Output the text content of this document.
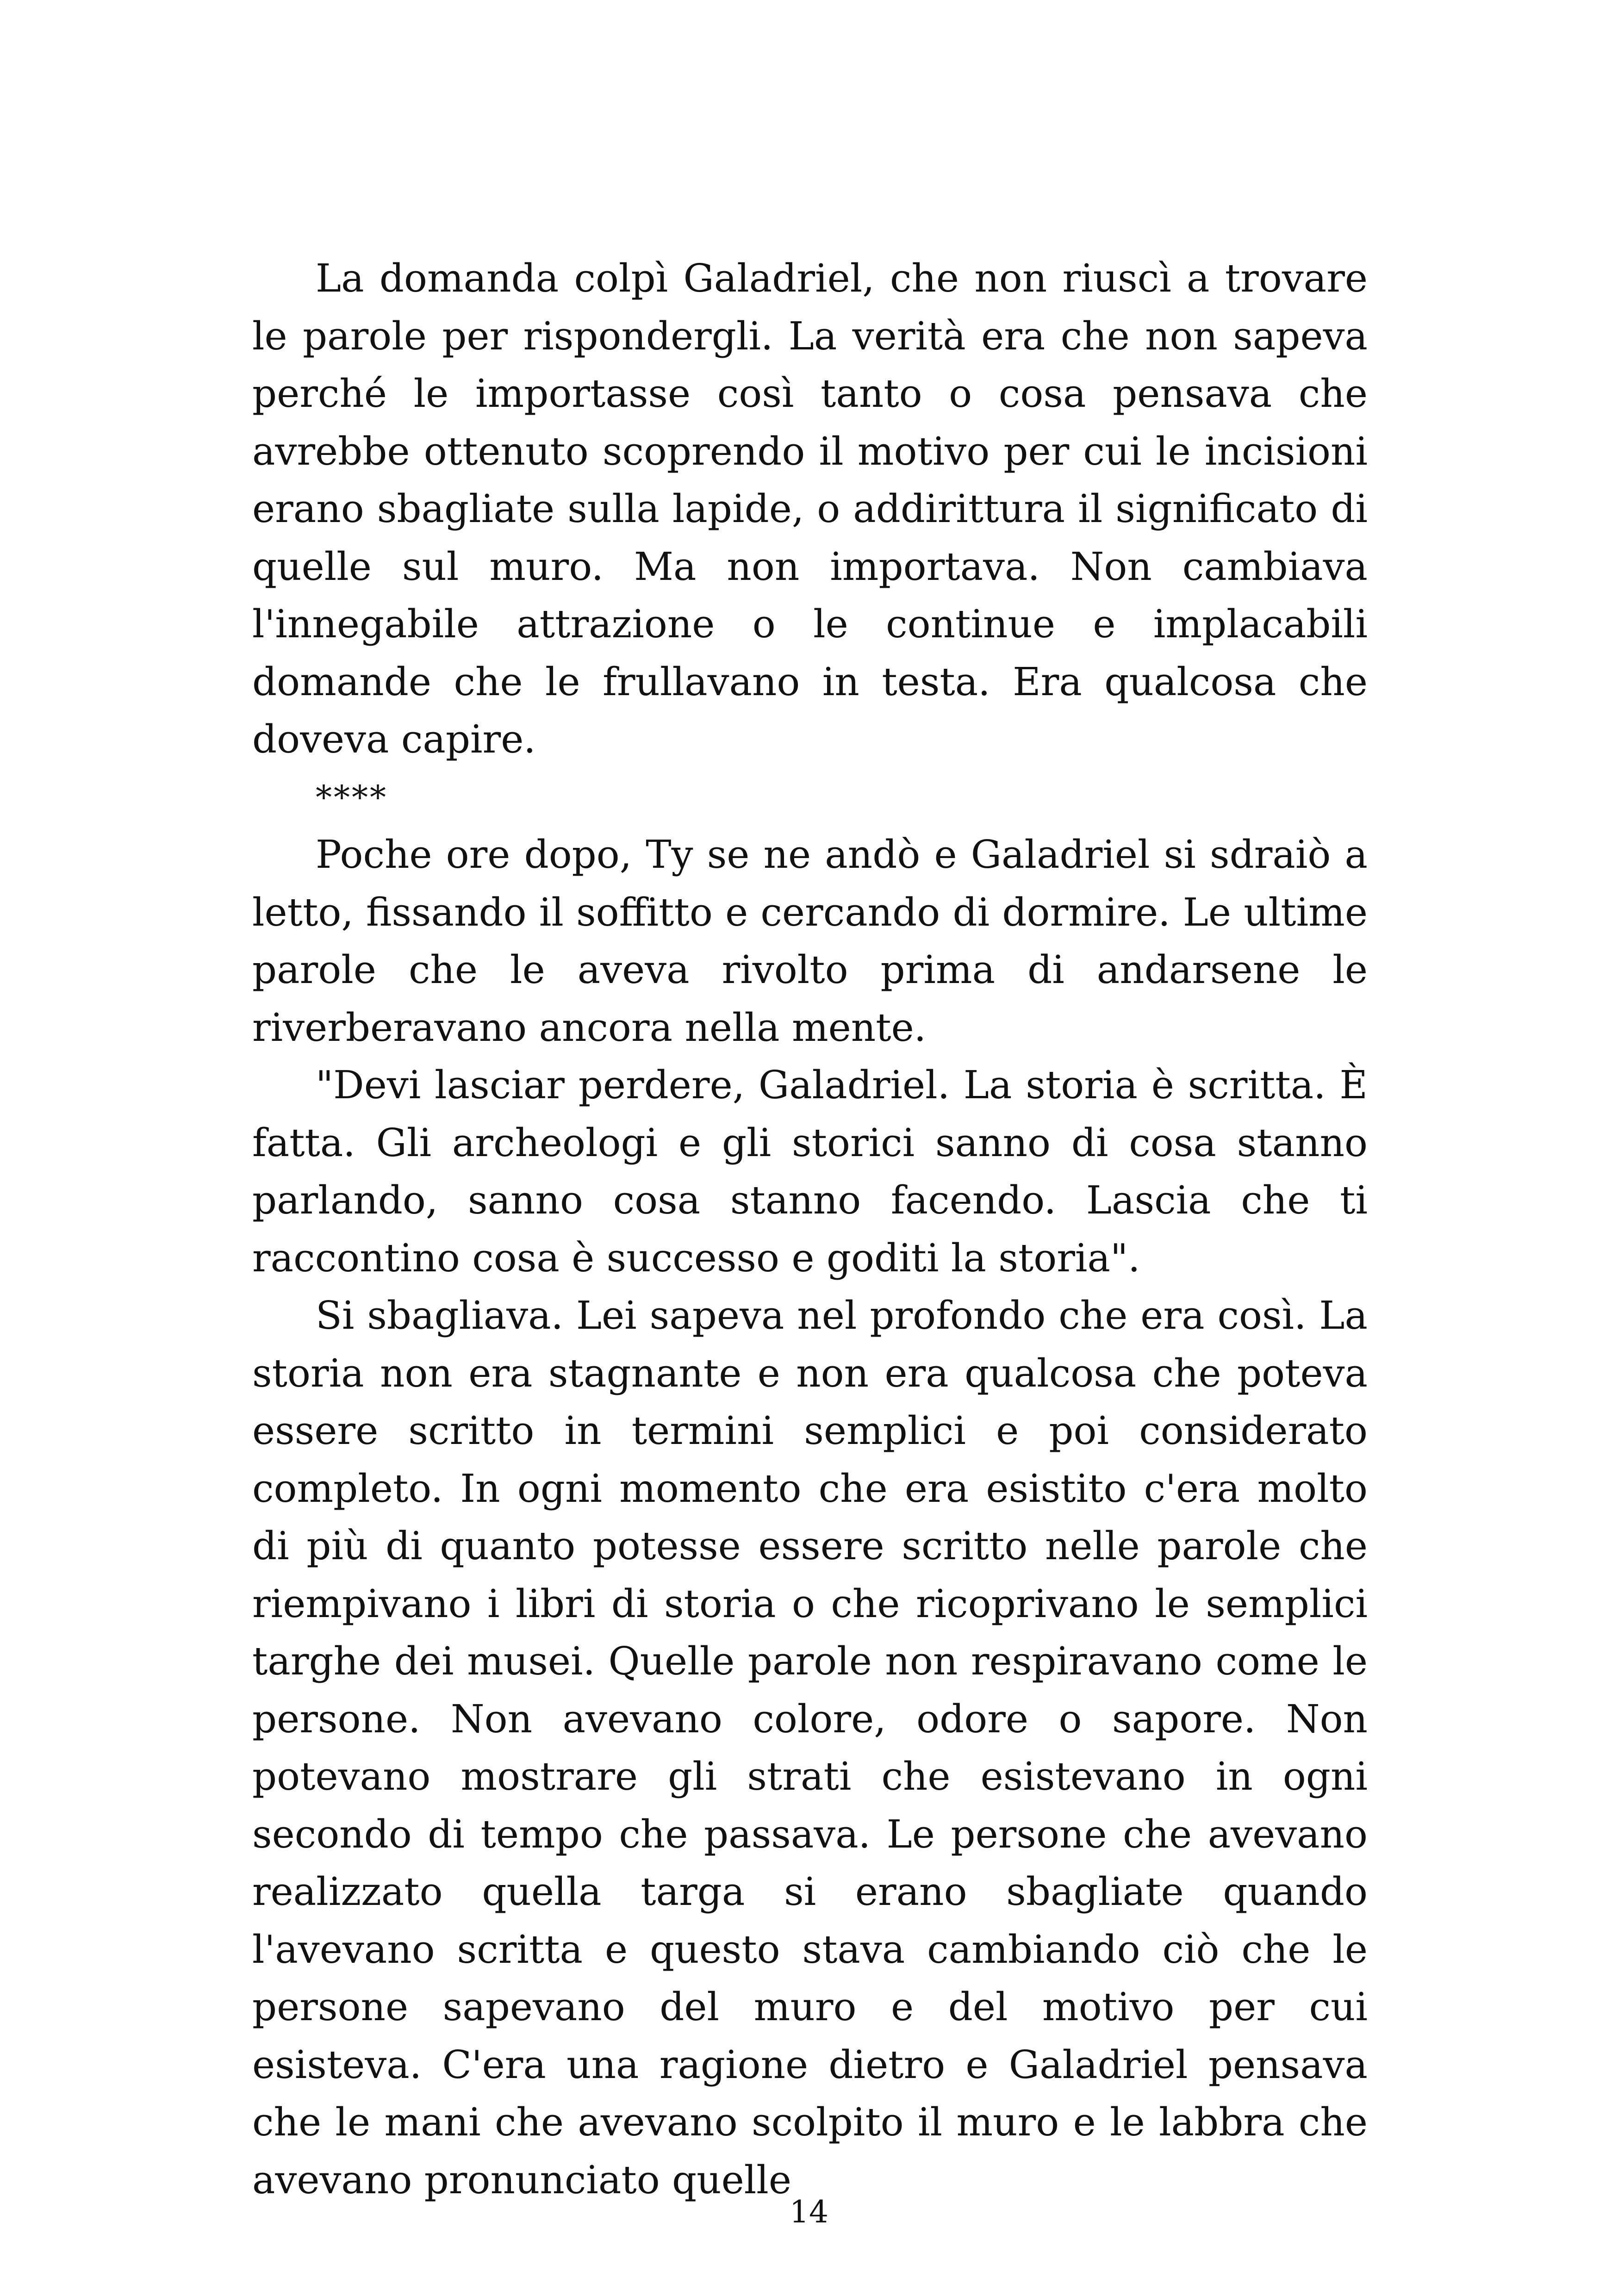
La domanda colpì Galadriel, che non riuscì a trovare le parole per rispondergli. La verità era che non sapeva perché le importasse così tanto o cosa pensava che avrebbe ottenuto scoprendo il motivo per cui le incisioni erano sbagliate sulla lapide, o addirittura il significato di quelle sul muro. Ma non importava. Non cambiava l'innegabile attrazione o le continue e implacabili domande che le frullavano in testa. Era qualcosa che doveva capire.

****

Poche ore dopo, Ty se ne andò e Galadriel si sdraiò a letto, fissando il soffitto e cercando di dormire. Le ultime parole che le aveva rivolto prima di andarsene le riverberavano ancora nella mente.

"Devi lasciar perdere, Galadriel. La storia è scritta. È fatta. Gli archeologi e gli storici sanno di cosa stanno parlando, sanno cosa stanno facendo. Lascia che ti raccontino cosa è successo e goditi la storia".

Si sbagliava. Lei sapeva nel profondo che era così. La storia non era stagnante e non era qualcosa che poteva essere scritto in termini semplici e poi considerato completo. In ogni momento che era esistito c'era molto di più di quanto potesse essere scritto nelle parole che riempivano i libri di storia o che ricoprivano le semplici targhe dei musei. Quelle parole non respiravano come le persone. Non avevano colore, odore o sapore. Non potevano mostrare gli strati che esistevano in ogni secondo di tempo che passava. Le persone che avevano realizzato quella targa si erano sbagliate quando l'avevano scritta e questo stava cambiando ciò che le persone sapevano del muro e del motivo per cui esisteva. C'era una ragione dietro e Galadriel pensava che le mani che avevano scolpito il muro e le labbra che avevano pronunciato quelle

14
